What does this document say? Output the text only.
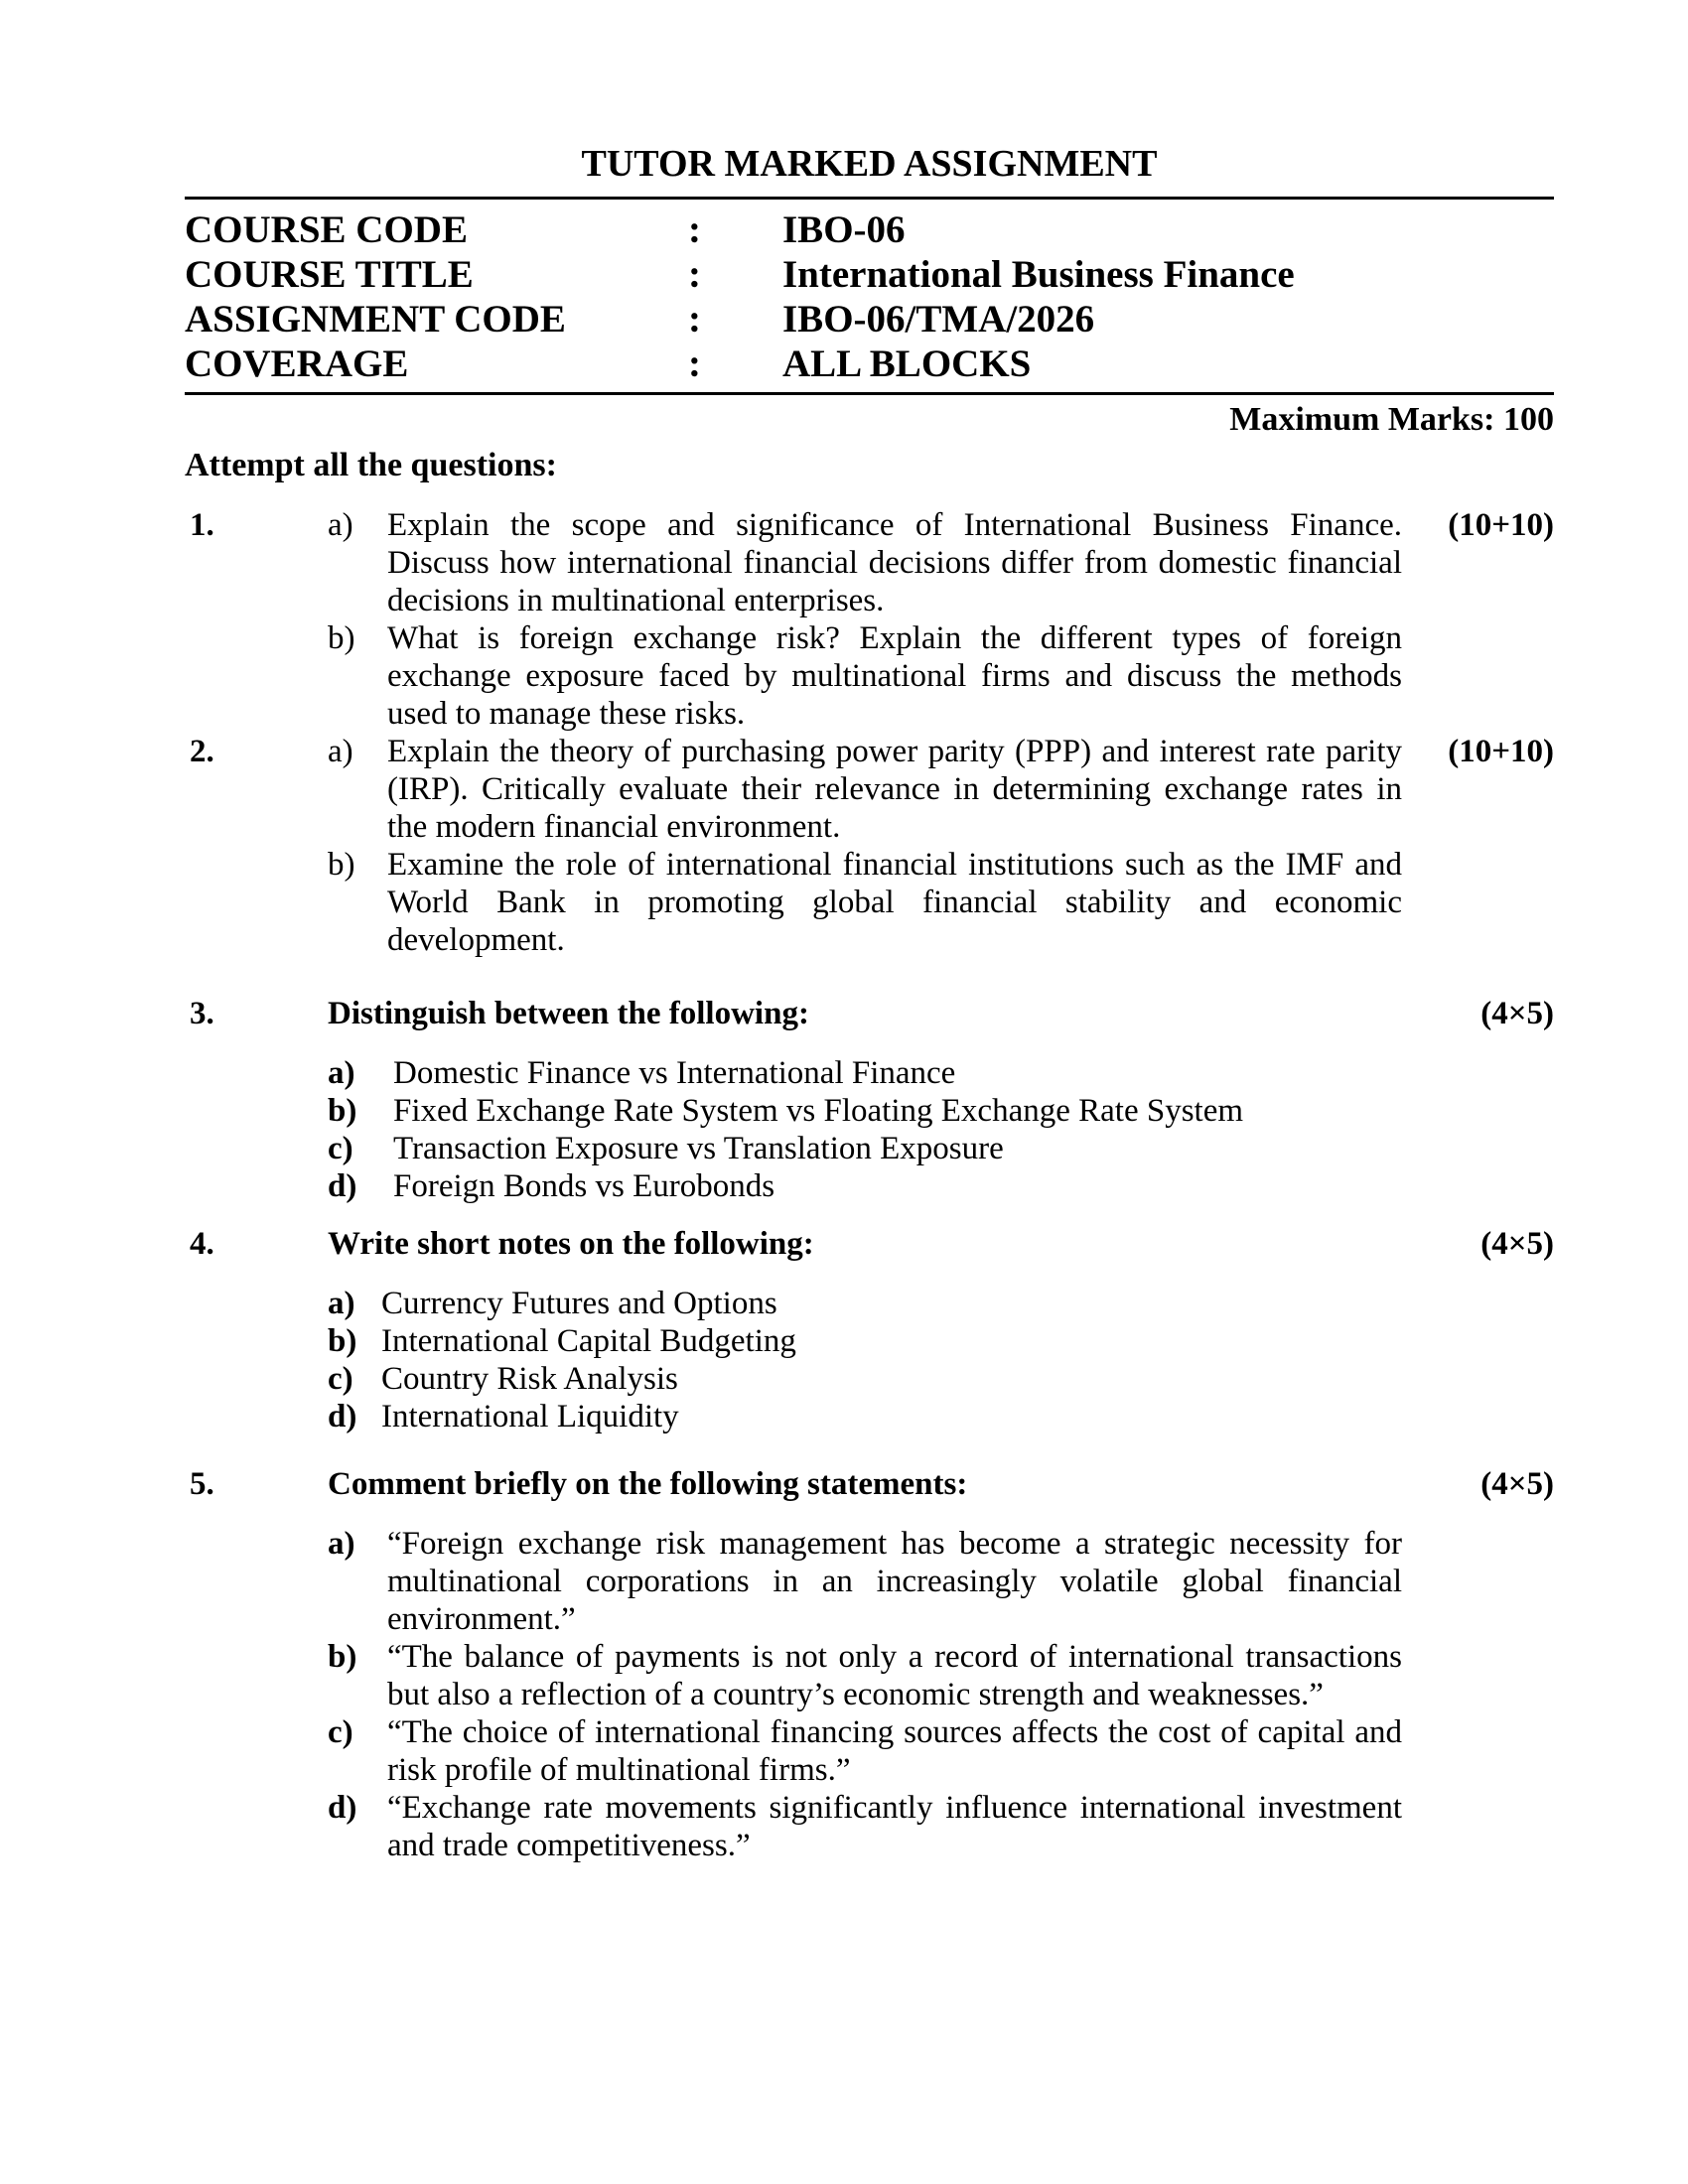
TUTOR MARKED ASSIGNMENT
COURSE CODE	:	IBO-06
COURSE TITLE	:	International Business Finance
ASSIGNMENT CODE	:	IBO-06/TMA/2026
COVERAGE	:	ALL BLOCKS
Maximum Marks: 100
Attempt all the questions:
1.	a)	Explain the scope and significance of International Business Finance. Discuss how international financial decisions differ from domestic financial decisions in multinational enterprises.
b) What is foreign exchange risk? Explain the different types of foreign exchange exposure faced by multinational firms and discuss the methods used to manage these risks.
(10+10)
2.	a)	Explain the theory of purchasing power parity (PPP) and interest rate parity (IRP). Critically evaluate their relevance in determining exchange rates in the modern financial environment.
b) Examine the role of international financial institutions such as the IMF and World Bank in promoting global financial stability and economic development.
(10+10)
3.	Distinguish between the following:
a)	Domestic Finance vs International Finance
b)	Fixed Exchange Rate System vs Floating Exchange Rate System
c)	Transaction Exposure vs Translation Exposure
d)	Foreign Bonds vs Eurobonds
(4×5)
4.	Write short notes on the following:
a) Currency Futures and Options
b) International Capital Budgeting
c) Country Risk Analysis
d) International Liquidity
(4×5)
5.	Comment briefly on the following statements:
a) “Foreign exchange risk management has become a strategic necessity for multinational corporations in an increasingly volatile global financial environment.”
b) “The balance of payments is not only a record of international transactions but also a reflection of a country’s economic strength and weaknesses.”
c)	“The choice of international financing sources affects the cost of capital and risk profile of multinational firms.”
d) “Exchange rate movements significantly influence international investment and trade competitiveness.”
(4×5)
